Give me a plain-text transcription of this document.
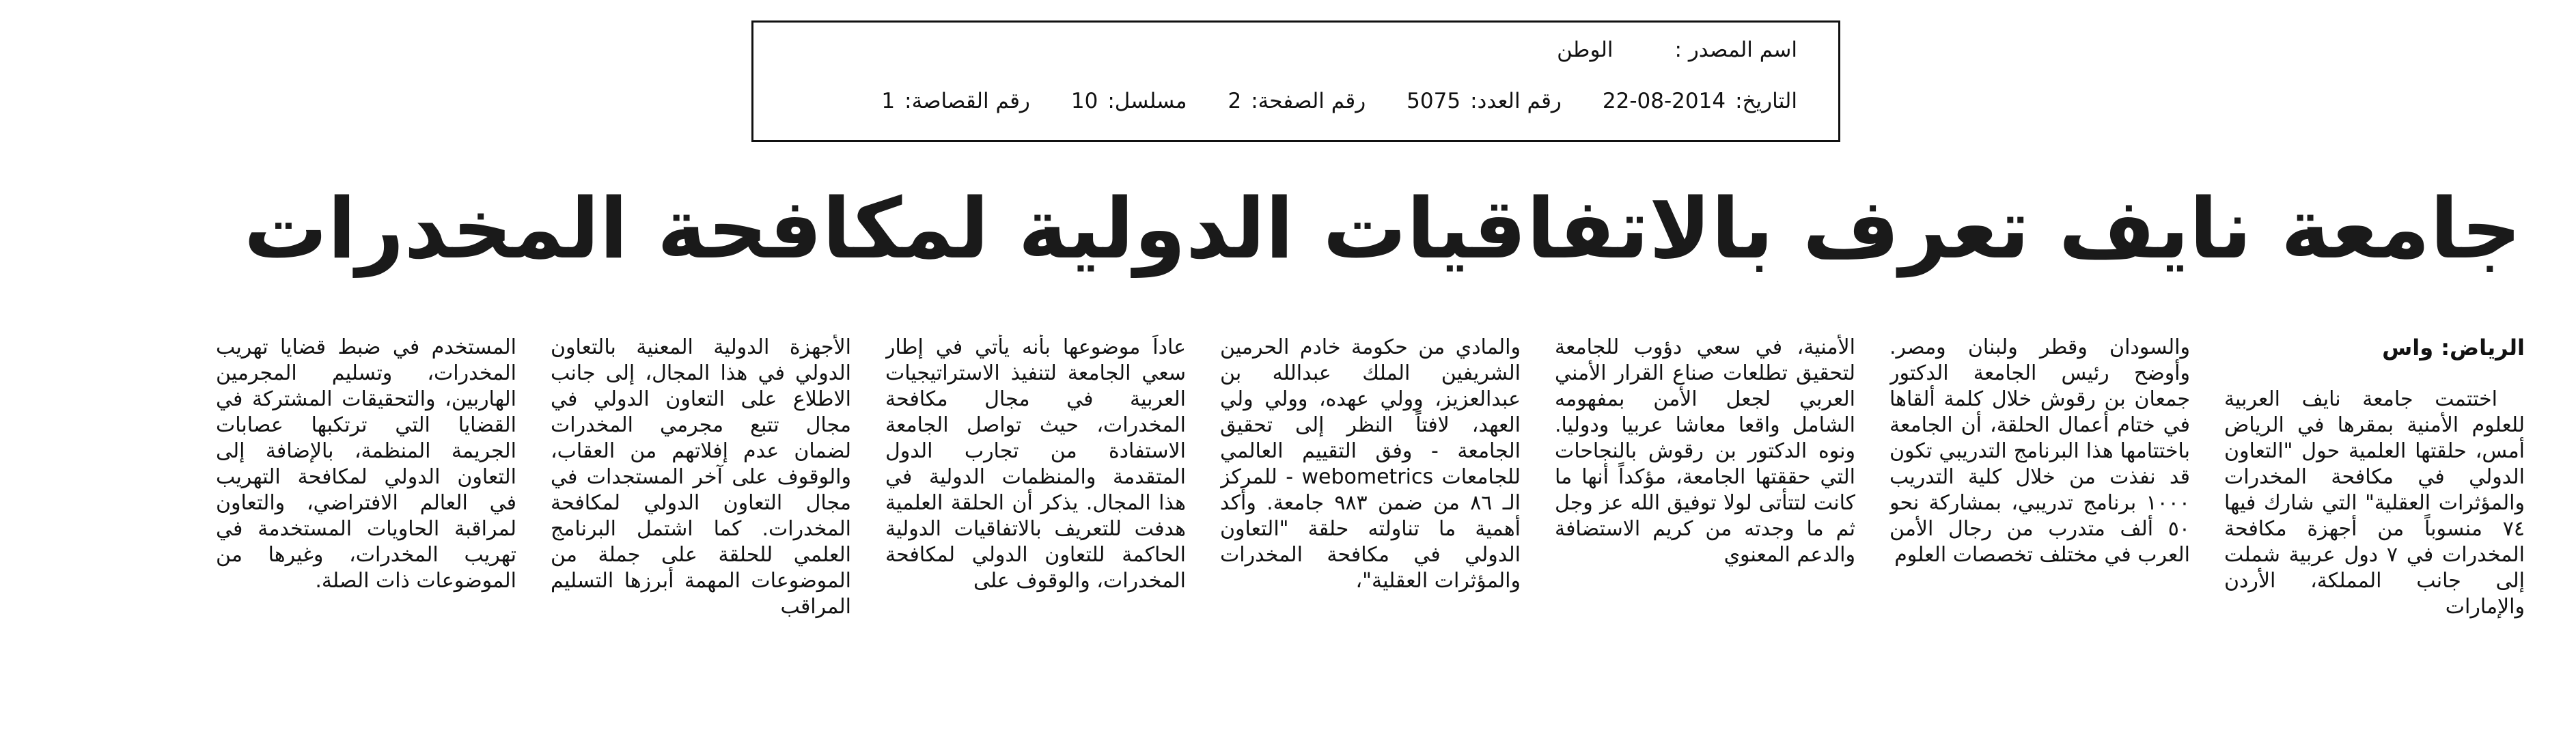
اسم المصدر :الوطن
التاريخ:2014-08-22
رقم العدد:5075
رقم الصفحة:2
مسلسل:10
رقم القصاصة:1
جامعة نايف تعرف بالاتفاقيات الدولية لمكافحة المخدرات
الرياض: واس

اختتمت جامعة نايف العربية للعلوم الأمنية بمقرها في الرياض أمس، حلقتها العلمية حول "التعاون الدولي في مكافحة المخدرات والمؤثرات العقلية" التي شارك فيها ٧٤ منسوباً من أجهزة مكافحة المخدرات في ٧ دول عربية شملت إلى جانب المملكة، الأردن والإمارات

والسودان وقطر ولبنان ومصر. وأوضح رئيس الجامعة الدكتور جمعان بن رقوش خلال كلمة ألقاها في ختام أعمال الحلقة، أن الجامعة باختتامها هذا البرنامج التدريبي تكون قد نفذت من خلال كلية التدريب ١٠٠٠ برنامج تدريبي، بمشاركة نحو ٥٠ ألف متدرب من رجال الأمن العرب في مختلف تخصصات العلوم

الأمنية، في سعي دؤوب للجامعة لتحقيق تطلعات صناع القرار الأمني العربي لجعل الأمن بمفهومه الشامل واقعا معاشا عربيا ودوليا. ونوه الدكتور بن رقوش بالنجاحات التي حققتها الجامعة، مؤكداً أنها ما كانت لتتأتى لولا توفيق الله عز وجل ثم ما وجدته من كريم الاستضافة والدعم المعنوي

والمادي من حكومة خادم الحرمين الشريفين الملك عبدالله بن عبدالعزيز، وولي عهده، وولي ولي العهد، لافتاً النظر إلى تحقيق الجامعة - وفق التقييم العالمي للجامعات webometrics - للمركز الـ ٨٦ من ضمن ٩٨٣ جامعة. وأكد أهمية ما تناولته حلقة "التعاون الدولي في مكافحة المخدرات والمؤثرات العقلية"،

عاداً موضوعها بأنه يأتي في إطار سعي الجامعة لتنفيذ الاستراتيجيات العربية في مجال مكافحة المخدرات، حيث تواصل الجامعة الاستفادة من تجارب الدول المتقدمة والمنظمات الدولية في هذا المجال. يذكر أن الحلقة العلمية هدفت للتعريف بالاتفاقيات الدولية الحاكمة للتعاون الدولي لمكافحة المخدرات، والوقوف على

الأجهزة الدولية المعنية بالتعاون الدولي في هذا المجال، إلى جانب الاطلاع على التعاون الدولي في مجال تتبع مجرمي المخدرات لضمان عدم إفلاتهم من العقاب، والوقوف على آخر المستجدات في مجال التعاون الدولي لمكافحة المخدرات. كما اشتمل البرنامج العلمي للحلقة على جملة من الموضوعات المهمة أبرزها التسليم المراقب

المستخدم في ضبط قضايا تهريب المخدرات، وتسليم المجرمين الهاربين، والتحقيقات المشتركة في القضايا التي ترتكبها عصابات الجريمة المنظمة، بالإضافة إلى التعاون الدولي لمكافحة التهريب في العالم الافتراضي، والتعاون لمراقبة الحاويات المستخدمة في تهريب المخدرات، وغيرها من الموضوعات ذات الصلة.
